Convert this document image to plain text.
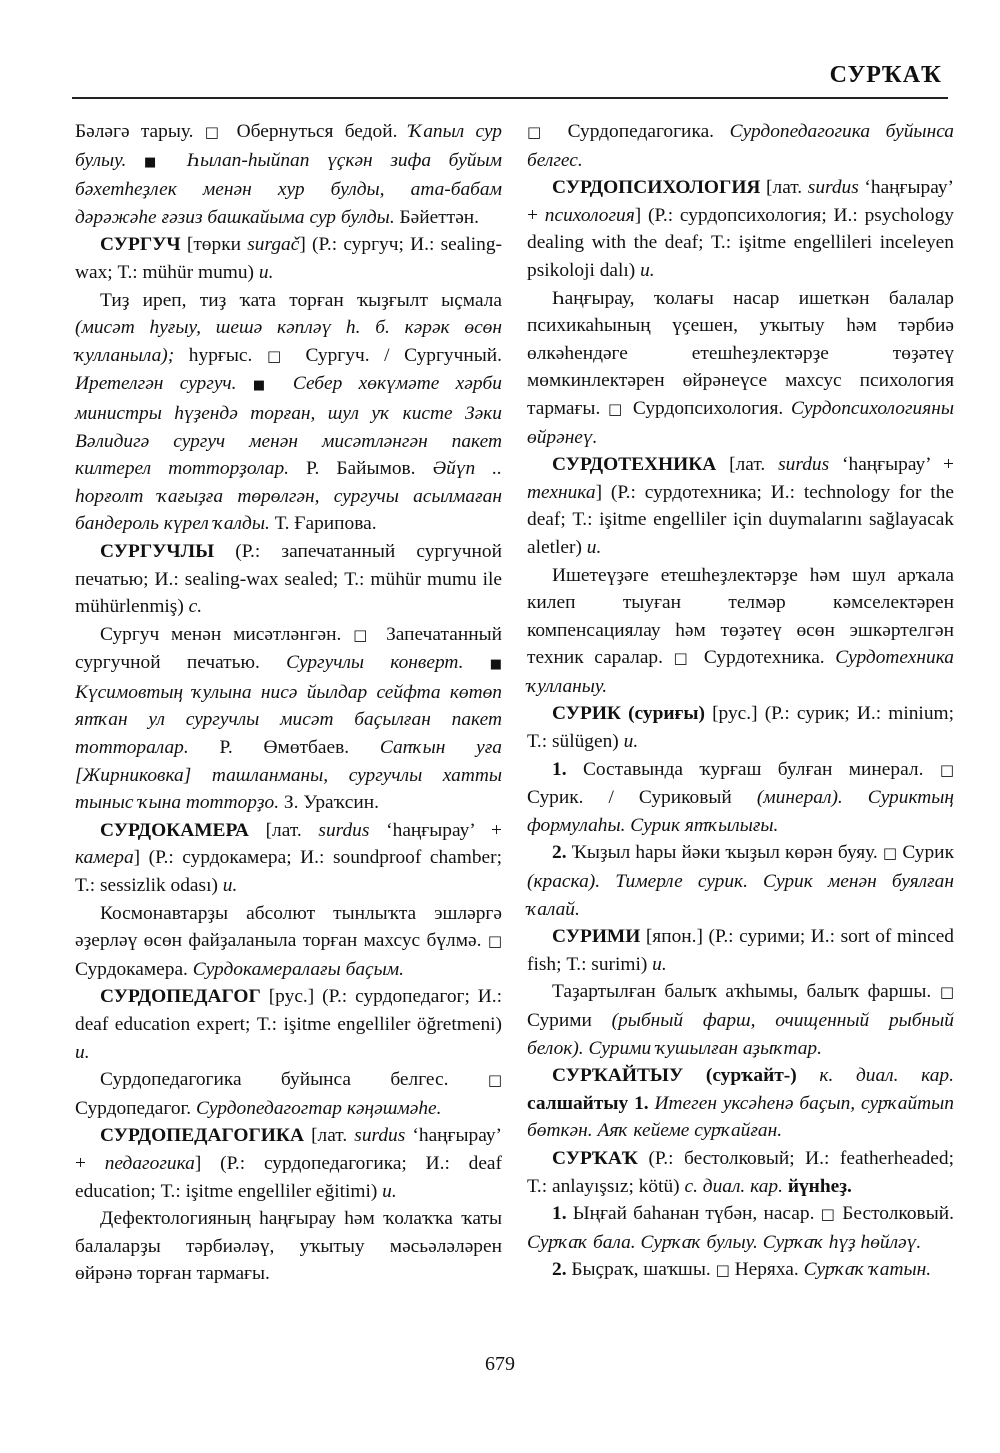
СУРҠАҠ

Бәләгә тарыу. □ Обернуться бедой. Ҡапыл сур булыу. ■ Һылап-һыйпап үҫкән зифа буйым бәхетһеҙлек менән хур булды, ата-бабам дәрәжәһе ғәзиз башкайыма сур булды. Бәйеттән.

СУРГУЧ [төрки surgač] (Р.: сургуч; И.: sealing-wax; Т.: mühür mumu) и.

Тиҙ иреп, тиҙ ҡата торған ҡыҙғылт ыҫмала (мисәт һуғыу, шешә кәпләү һ. б. кәрәк өсөн ҡулланыла); һурғыс. □ Сургуч. / Сургучный. Иретелгән сургуч. ■ Себер хөкүмәте хәрби министры һүҙендә торған, шул уҡ кисте Зәки Вәлидигә сургуч менән мисәтләнгән пакет килтерел тотторҙолар. Р. Байымов. Әйүп .. һорғолт ҡағыҙға төрөлгән, сургучы асылмаған бандероль күрел ҡалды. Т. Ғарипова.

СУРГУЧЛЫ (Р.: запечатанный сургучной печатью; И.: sealing-wax sealed; Т.: mühür mumu ile mühürlenmiş) с.

Сургуч менән мисәтләнгән. □ Запечатанный сургучной печатью. Сургучлы конверт. ■ Күсимовтың ҡулына нисә йылдар сейфта көтөп ятҡан ул сургучлы мисәт баҫылған пакет тотторалар. Р. Өмөтбаев. Сапҡын уға [Жирниковка] ташланманы, сургучлы хатты тыныс ҡына тотторҙо. З. Ураҡсин.

СУРДОКАМЕРА [лат. surdus ‘һаңғырау’ + камера] (Р.: сурдокамера; И.: soundproof chamber; Т.: sessizlik odası) и.

Космонавтарҙы абсолют тынлыҡта эшләргә әҙерләү өсөн файҙаланыла торған махсус бүлмә. □ Сурдокамера. Сурдокамералағы баҫым.

СУРДОПЕДАГОГ [рус.] (Р.: сурдопедагог; И.: deaf education expert; Т.: işitme engelliler öğretmeni) и.

Сурдопедагогика буйынса белгес. □ Сурдопедагог. Сурдопедагогтар кәңәшмәһе.

СУРДОПЕДАГОГИКА [лат. surdus ‘һаңғырау’ + педагогика] (Р.: сурдопедагогика; И.: deaf education; Т.: işitme engelliler eğitimi) и.

Дефектологияның һаңғырау һәм ҡолаҡҡа ҡаты балаларҙы тәрбиәләү, уҡытыу мәсьәләләрен өйрәнә торған тармағы.

□ Сурдопедагогика. Сурдопедагогика буйынса белгес.

СУРДОПСИХОЛОГИЯ [лат. surdus ‘һаңғырау’ + психология] (Р.: сурдопсихология; И.: psychology dealing with the deaf; Т.: işitme engellileri inceleyen psikoloji dalı) и.

Һаңғырау, ҡолағы насар ишеткән балалар психикаһының үҫешен, уҡытыу һәм тәрбиә өлкәһендәге етешһеҙлектәрҙе төҙәтеү мөмкинлектәрен өйрәнеүсе махсус психология тармағы. □ Сурдопсихология. Сурдопсихологияны өйрәнеү.

СУРДОТЕХНИКА [лат. surdus ‘һаңғырау’ + техника] (Р.: сурдотехника; И.: technology for the deaf; Т.: işitme engelliler için duymalarını sağlayacak aletler) и.

Ишетеүҙәге етешһеҙлектәрҙе һәм шул арҡала килеп тыуған телмәр кәмселектәрен компенсациялау һәм төҙәтеү өсөн эшкәртелгән техник саралар. □ Сурдотехника. Сурдотехника ҡулланыу.

СУРИК (суриғы) [рус.] (Р.: сурик; И.: minium; Т.: sülügen) и.

1. Составында ҡурғаш булған минерал. □ Сурик. / Суриковый (минерал). Суриктың формулаһы. Сурик ятҡылығы.

2. Ҡыҙыл һары йәки ҡыҙыл көрән буяу. □ Сурик (краска). Тимерле сурик. Сурик менән буялған ҡалай.

СУРИМИ [япон.] (Р.: сурими; И.: sort of minced fish; Т.: surimi) и.

Таҙартылған балыҡ аҡһымы, балыҡ фаршы. □ Сурими (рыбный фарш, очищенный рыбный белок). Сурими ҡушылған аҙыҡтар.

СУРҠАЙТЫУ (сурҡайт-) к. диал. кар. салшайтыу 1. Итеген уксәһенә баҫып, сурҡайтып бөткән. Аяҡ кейеме сурҡайған.

СУРҠАҠ (Р.: бестолковый; И.: featherheaded; Т.: anlayışsız; kötü) с. диал. кар. йүнһеҙ.

1. Ыңғай баһанан түбән, насар. □ Бестолковый. Сурҡаҡ бала. Сурҡаҡ булыу. Сурҡаҡ һүҙ һөйләү.

2. Быҫраҡ, шаҡшы. □ Неряха. Сурҡаҡ ҡатын.

679
